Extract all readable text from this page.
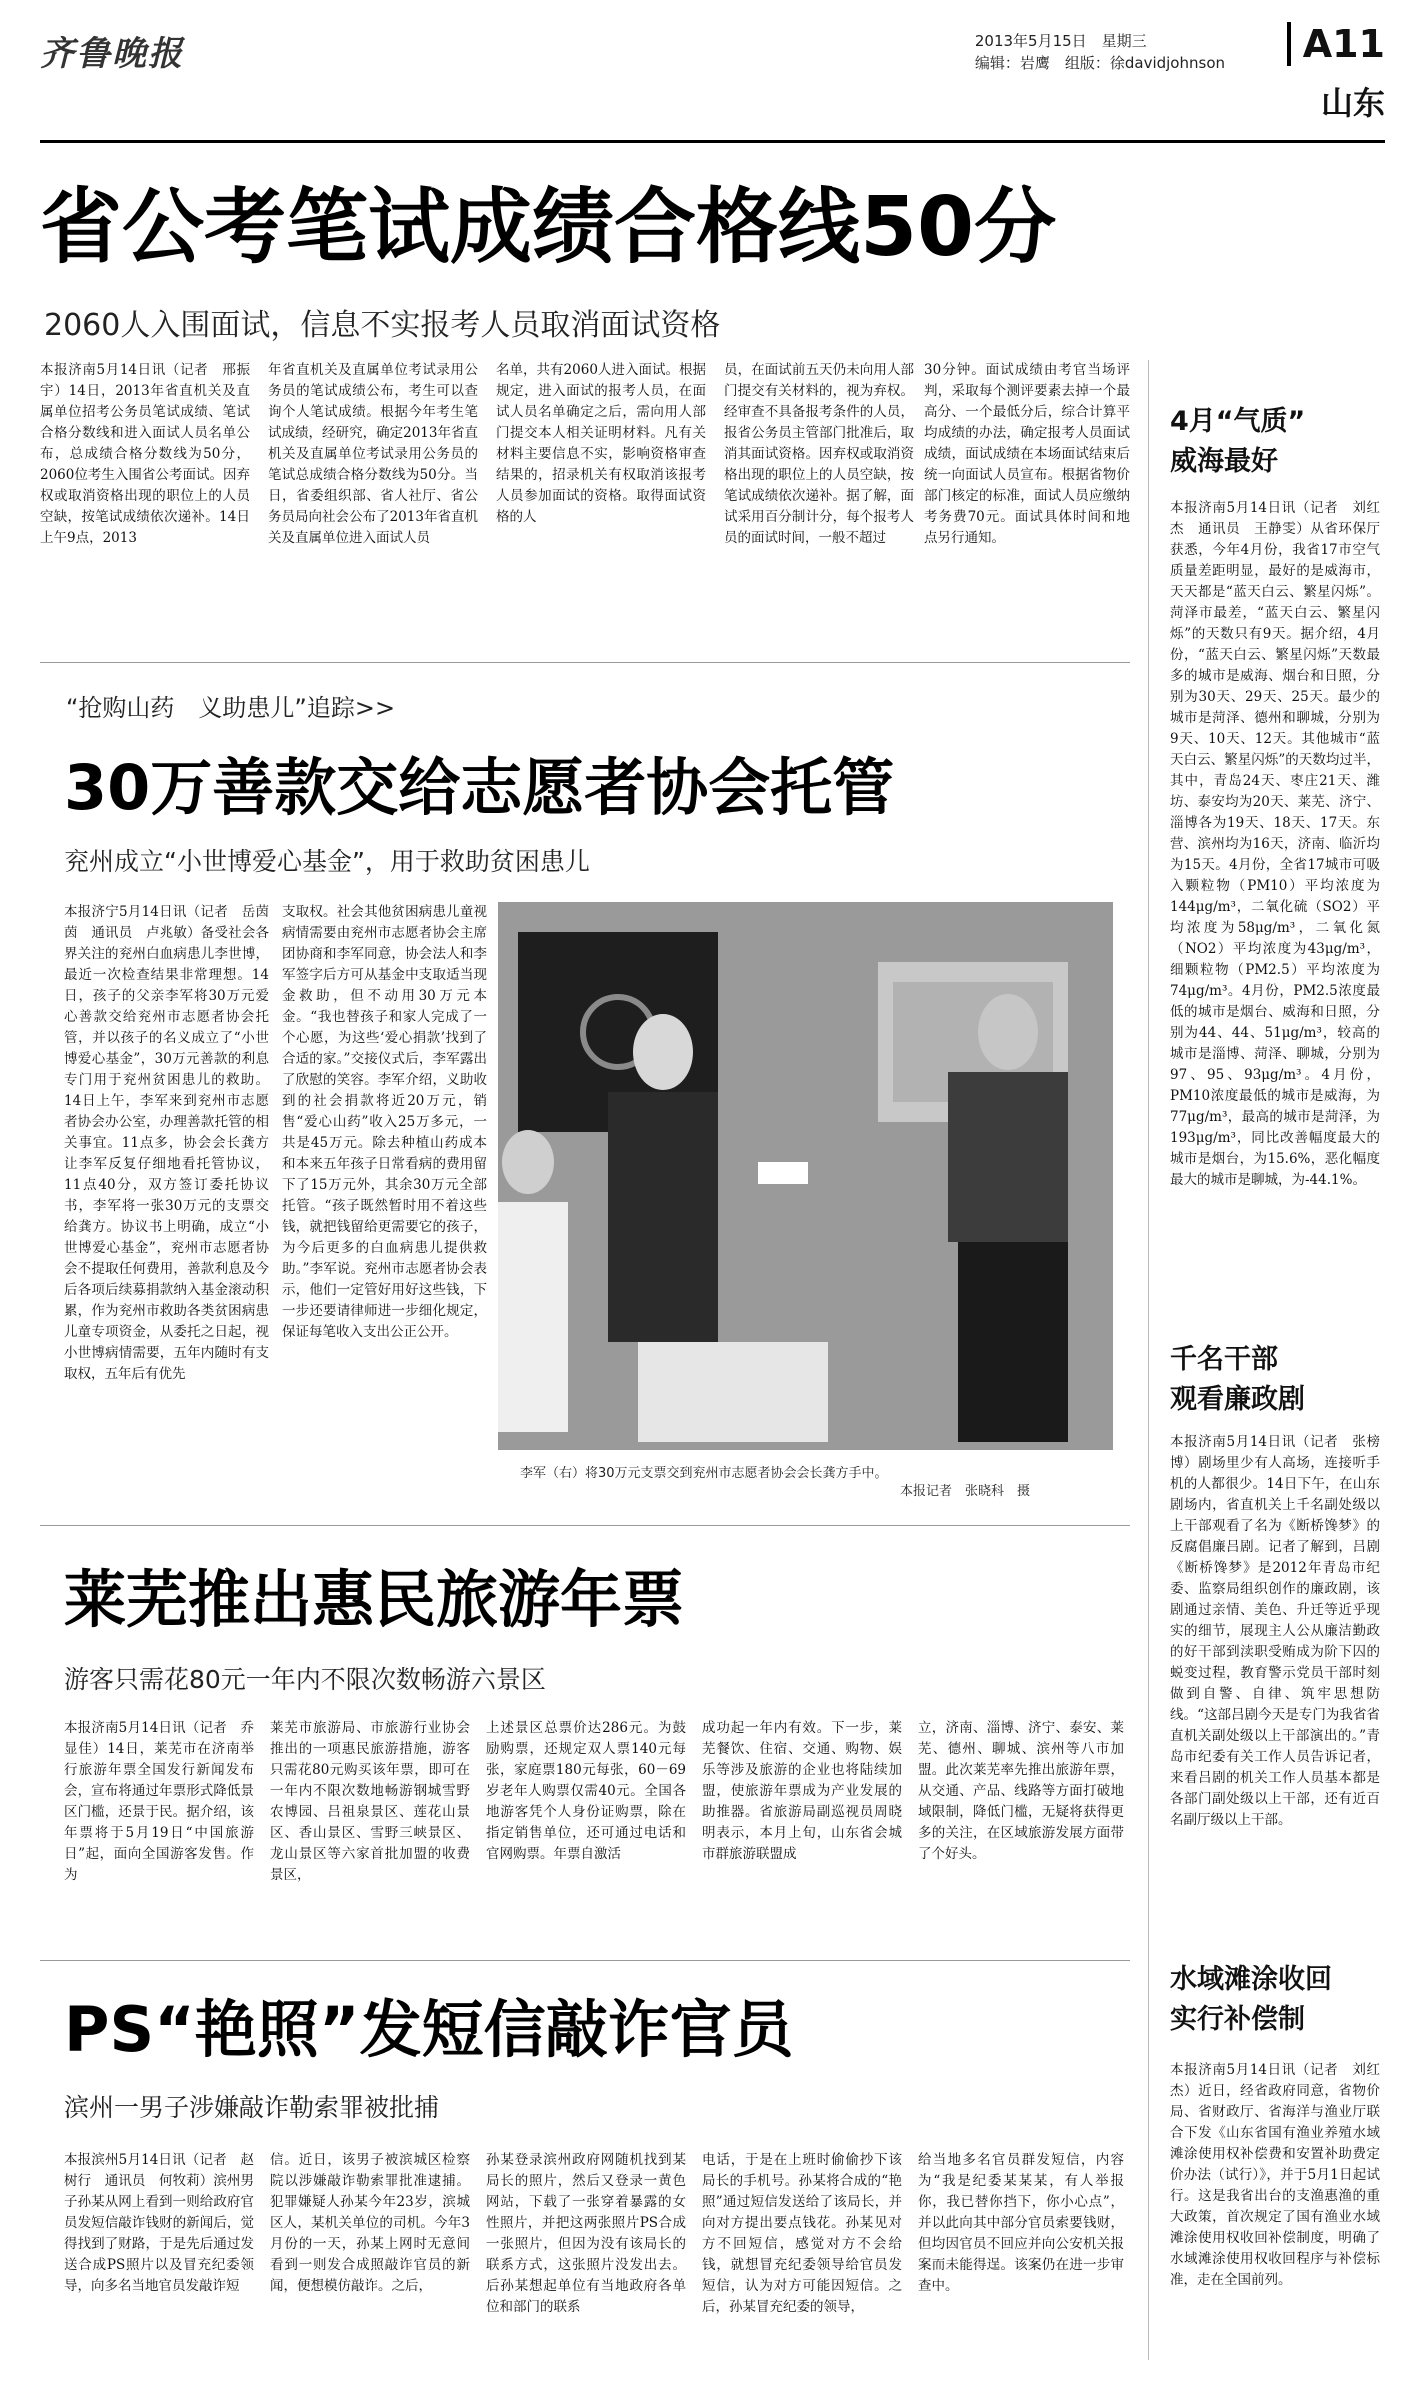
齐鲁晚报	2013年5月15日　星期三
编辑：岩鹰　组版：徐davidjohnson	A11
山东
省公考笔试成绩合格线50分
2060人入围面试，信息不实报考人员取消面试资格
本报济南5月14日讯（记者　邢振宇）14日，2013年省直机关及直属单位招考公务员笔试成绩、笔试合格分数线和进入面试人员名单公布，总成绩合格分数线为50分，2060位考生入围省公考面试。因弃权或取消资格出现的职位上的人员空缺，按笔试成绩依次递补。14日上午9点，2013
年省直机关及直属单位考试录用公务员的笔试成绩公布，考生可以查询个人笔试成绩。根据今年考生笔试成绩，经研究，确定2013年省直机关及直属单位考试录用公务员的笔试总成绩合格分数线为50分。当日，省委组织部、省人社厅、省公务员局向社会公布了2013年省直机关及直属单位进入面试人员
名单，共有2060人进入面试。根据规定，进入面试的报考人员，在面试人员名单确定之后，需向用人部门提交本人相关证明材料。凡有关材料主要信息不实，影响资格审查结果的，招录机关有权取消该报考人员参加面试的资格。取得面试资格的人
员，在面试前五天仍未向用人部门提交有关材料的，视为弃权。经审查不具备报考条件的人员，报省公务员主管部门批准后，取消其面试资格。因弃权或取消资格出现的职位上的人员空缺，按笔试成绩依次递补。据了解，面试采用百分制计分，每个报考人员的面试时间，一般不超过
30分钟。面试成绩由考官当场评判，采取每个测评要素去掉一个最高分、一个最低分后，综合计算平均成绩的办法，确定报考人员面试成绩，面试成绩在本场面试结束后统一向面试人员宣布。根据省物价部门核定的标准，面试人员应缴纳考务费70元。面试具体时间和地点另行通知。
“抢购山药　义助患儿”追踪>>
30万善款交给志愿者协会托管
兖州成立“小世博爱心基金”，用于救助贫困患儿
本报济宁5月14日讯（记者　岳茵茵　通讯员　卢兆敏）备受社会各界关注的兖州白血病患儿李世博，最近一次检查结果非常理想。14日，孩子的父亲李军将30万元爱心善款交给兖州市志愿者协会托管，并以孩子的名义成立了“小世博爱心基金”，30万元善款的利息专门用于兖州贫困患儿的救助。14日上午，李军来到兖州市志愿者协会办公室，办理善款托管的相关事宜。11点多，协会会长龚方让李军反复仔细地看托管协议，11点40分，双方签订委托协议书，李军将一张30万元的支票交给龚方。协议书上明确，成立“小世博爱心基金”，兖州市志愿者协会不提取任何费用，善款利息及今后各项后续募捐款纳入基金滚动积累，作为兖州市救助各类贫困病患儿童专项资金，从委托之日起，视小世博病情需要，五年内随时有支取权，五年后有优先
支取权。社会其他贫困病患儿童视病情需要由兖州市志愿者协会主席团协商和李军同意，协会法人和李军签字后方可从基金中支取适当现金救助，但不动用30万元本金。“我也替孩子和家人完成了一个心愿，为这些‘爱心捐款’找到了合适的家。”交接仪式后，李军露出了欣慰的笑容。李军介绍，义助收到的社会捐款将近20万元，销售“爱心山药”收入25万多元，一共是45万元。除去种植山药成本和本来五年孩子日常看病的费用留下了15万元外，其余30万元全部托管。“孩子既然暂时用不着这些钱，就把钱留给更需要它的孩子，为今后更多的白血病患儿提供救助。”李军说。兖州市志愿者协会表示，他们一定管好用好这些钱，下一步还要请律师进一步细化规定，保证每笔收入支出公正公开。
李军（右）将30万元支票交到兖州市志愿者协会会长龚方手中。
本报记者　张晓科　摄
莱芜推出惠民旅游年票
游客只需花80元一年内不限次数畅游六景区
本报济南5月14日讯（记者　乔显佳）14日，莱芜市在济南举行旅游年票全国发行新闻发布会，宣布将通过年票形式降低景区门槛，还景于民。据介绍，该年票将于5月19日“中国旅游日”起，面向全国游客发售。作为
莱芜市旅游局、市旅游行业协会推出的一项惠民旅游措施，游客只需花80元购买该年票，即可在一年内不限次数地畅游钢城雪野农博园、吕祖泉景区、莲花山景区、香山景区、雪野三峡景区、龙山景区等六家首批加盟的收费景区，
上述景区总票价达286元。为鼓励购票，还规定双人票140元每张，家庭票180元每张，60－69岁老年人购票仅需40元。全国各地游客凭个人身份证购票，除在指定销售单位，还可通过电话和官网购票。年票自激活
成功起一年内有效。下一步，莱芜餐饮、住宿、交通、购物、娱乐等涉及旅游的企业也将陆续加盟，使旅游年票成为产业发展的助推器。省旅游局副巡视员周晓明表示，本月上旬，山东省会城市群旅游联盟成
立，济南、淄博、济宁、泰安、莱芜、德州、聊城、滨州等八市加盟。此次莱芜率先推出旅游年票，从交通、产品、线路等方面打破地域限制，降低门槛，无疑将获得更多的关注，在区域旅游发展方面带了个好头。
PS“艳照”发短信敲诈官员
滨州一男子涉嫌敲诈勒索罪被批捕
本报滨州5月14日讯（记者　赵树行　通讯员　何牧莉）滨州男子孙某从网上看到一则给政府官员发短信敲诈钱财的新闻后，觉得找到了财路，于是先后通过发送合成PS照片以及冒充纪委领导，向多名当地官员发敲诈短
信。近日，该男子被滨城区检察院以涉嫌敲诈勒索罪批准逮捕。犯罪嫌疑人孙某今年23岁，滨城区人，某机关单位的司机。今年3月份的一天，孙某上网时无意间看到一则发合成照敲诈官员的新闻，便想模仿敲诈。之后，
孙某登录滨州政府网随机找到某局长的照片，然后又登录一黄色网站，下载了一张穿着暴露的女性照片，并把这两张照片PS合成一张照片，但因为没有该局长的联系方式，这张照片没发出去。后孙某想起单位有当地政府各单位和部门的联系
电话，于是在上班时偷偷抄下该局长的手机号。孙某将合成的“艳照”通过短信发送给了该局长，并向对方提出要点钱花。孙某见对方不回短信，感觉对方不会给钱，就想冒充纪委领导给官员发短信，认为对方可能因短信。之后，孙某冒充纪委的领导，
给当地多名官员群发短信，内容为“我是纪委某某某，有人举报你，我已替你挡下，你小心点”，并以此向其中部分官员索要钱财，但均因官员不回应并向公安机关报案而未能得逞。该案仍在进一步审查中。
4月“气质”
威海最好
本报济南5月14日讯（记者　刘红杰　通讯员　王静雯）从省环保厅获悉，今年4月份，我省17市空气质量差距明显，最好的是威海市，天天都是“蓝天白云、繁星闪烁”。菏泽市最差，“蓝天白云、繁星闪烁”的天数只有9天。据介绍，4月份，“蓝天白云、繁星闪烁”天数最多的城市是威海、烟台和日照，分别为30天、29天、25天。最少的城市是菏泽、德州和聊城，分别为9天、10天、12天。其他城市“蓝天白云、繁星闪烁”的天数均过半，其中，青岛24天、枣庄21天、潍坊、泰安均为20天、莱芜、济宁、淄博各为19天、18天、17天。东营、滨州均为16天，济南、临沂均为15天。4月份，全省17城市可吸入颗粒物（PM10）平均浓度为144μg/m³，二氧化硫（SO2）平均浓度为58μg/m³，二氧化氮（NO2）平均浓度为43μg/m³，细颗粒物（PM2.5）平均浓度为74μg/m³。4月份，PM2.5浓度最低的城市是烟台、威海和日照，分别为44、44、51μg/m³，较高的城市是淄博、菏泽、聊城，分别为97、95、93μg/m³。4月份，PM10浓度最低的城市是威海，为77μg/m³，最高的城市是菏泽，为193μg/m³，同比改善幅度最大的城市是烟台，为15.6%，恶化幅度最大的城市是聊城，为-44.1%。
千名干部
观看廉政剧
本报济南5月14日讯（记者　张榜博）剧场里少有人高场，连接听手机的人都很少。14日下午，在山东剧场内，省直机关上千名副处级以上干部观看了名为《断桥馋梦》的反腐倡廉吕剧。记者了解到，吕剧《断桥馋梦》是2012年青岛市纪委、监察局组织创作的廉政剧，该剧通过亲情、美色、升迁等近乎现实的细节，展现主人公从廉洁勤政的好干部到渎职受贿成为阶下囚的蜕变过程，教育警示党员干部时刻做到自警、自律、筑牢思想防线。“这部吕剧今天是专门为我省省直机关副处级以上干部演出的。”青岛市纪委有关工作人员告诉记者，来看吕剧的机关工作人员基本都是各部门副处级以上干部，还有近百名副厅级以上干部。
水域滩涂收回
实行补偿制
本报济南5月14日讯（记者　刘红杰）近日，经省政府同意，省物价局、省财政厅、省海洋与渔业厅联合下发《山东省国有渔业养殖水域滩涂使用权补偿费和安置补助费定价办法（试行）》，并于5月1日起试行。这是我省出台的支渔惠渔的重大政策，首次规定了国有渔业水域滩涂使用权收回补偿制度，明确了水域滩涂使用权收回程序与补偿标准，走在全国前列。
